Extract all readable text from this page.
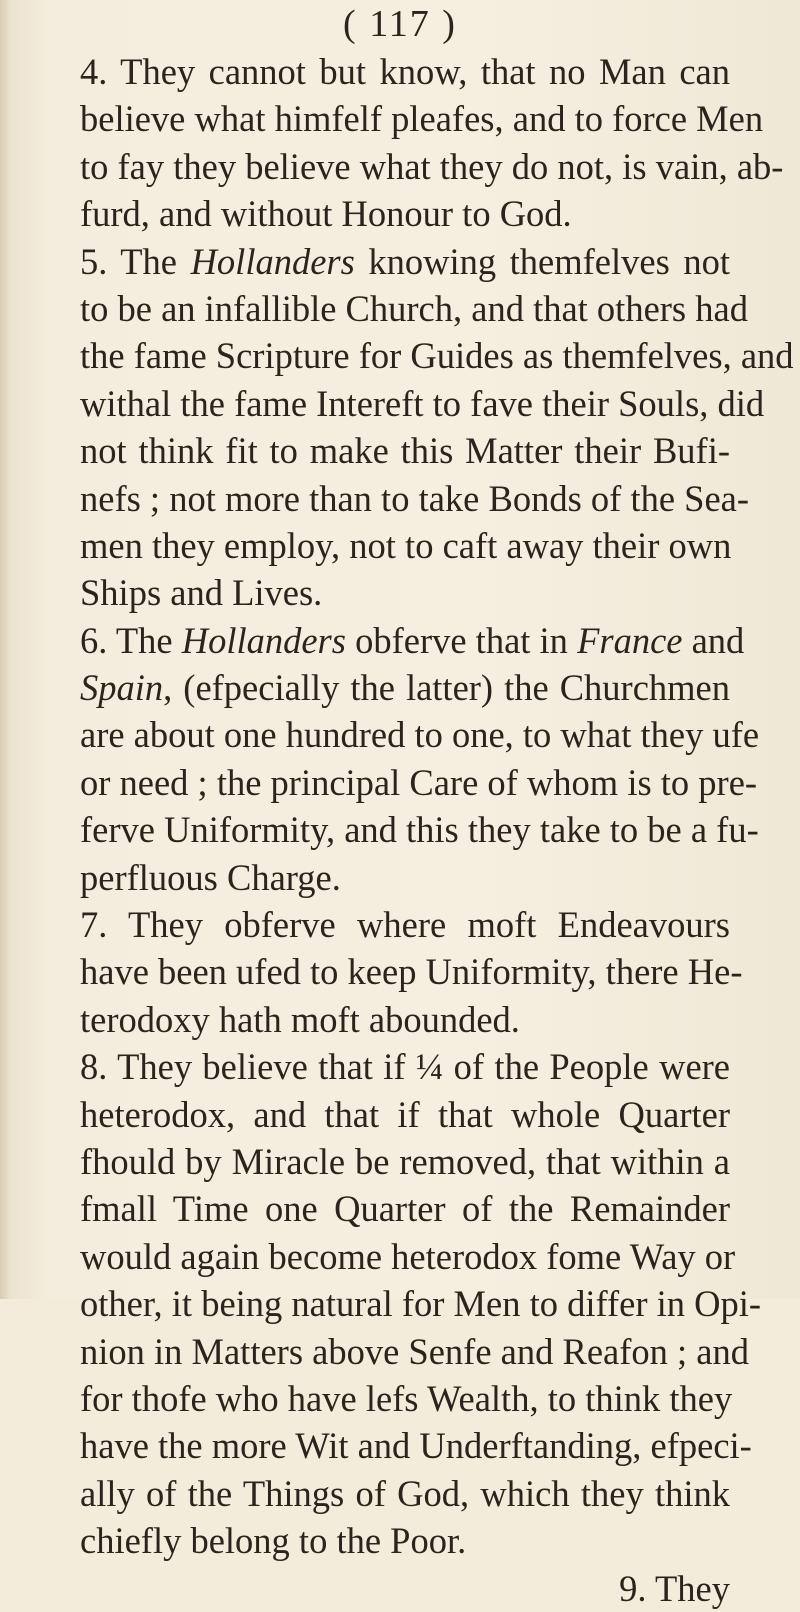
( 117 )
4. They cannot but know, that no Man can
believe what himfelf pleafes, and to force Men
to fay they believe what they do not, is vain, ab-
furd, and without Honour to God.
5. The Hollanders knowing themfelves not
to be an infallible Church, and that others had
the fame Scripture for Guides as themfelves, and
withal the fame Intereft to fave their Souls, did
not think fit to make this Matter their Bufi-
nefs ; not more than to take Bonds of the Sea-
men they employ, not to caft away their own
Ships and Lives.
6. The Hollanders obferve that in France and
Spain, (efpecially the latter) the Churchmen
are about one hundred to one, to what they ufe
or need ; the principal Care of whom is to pre-
ferve Uniformity, and this they take to be a fu-
perfluous Charge.
7. They obferve where moft Endeavours
have been ufed to keep Uniformity, there He-
terodoxy hath moft abounded.
8. They believe that if ¼ of the People were
heterodox, and that if that whole Quarter
fhould by Miracle be removed, that within a
fmall Time one Quarter of the Remainder
would again become heterodox fome Way or
other, it being natural for Men to differ in Opi-
nion in Matters above Senfe and Reafon ; and
for thofe who have lefs Wealth, to think they
have the more Wit and Underftanding, efpeci-
ally of the Things of God, which they think
chiefly belong to the Poor.
9. They
